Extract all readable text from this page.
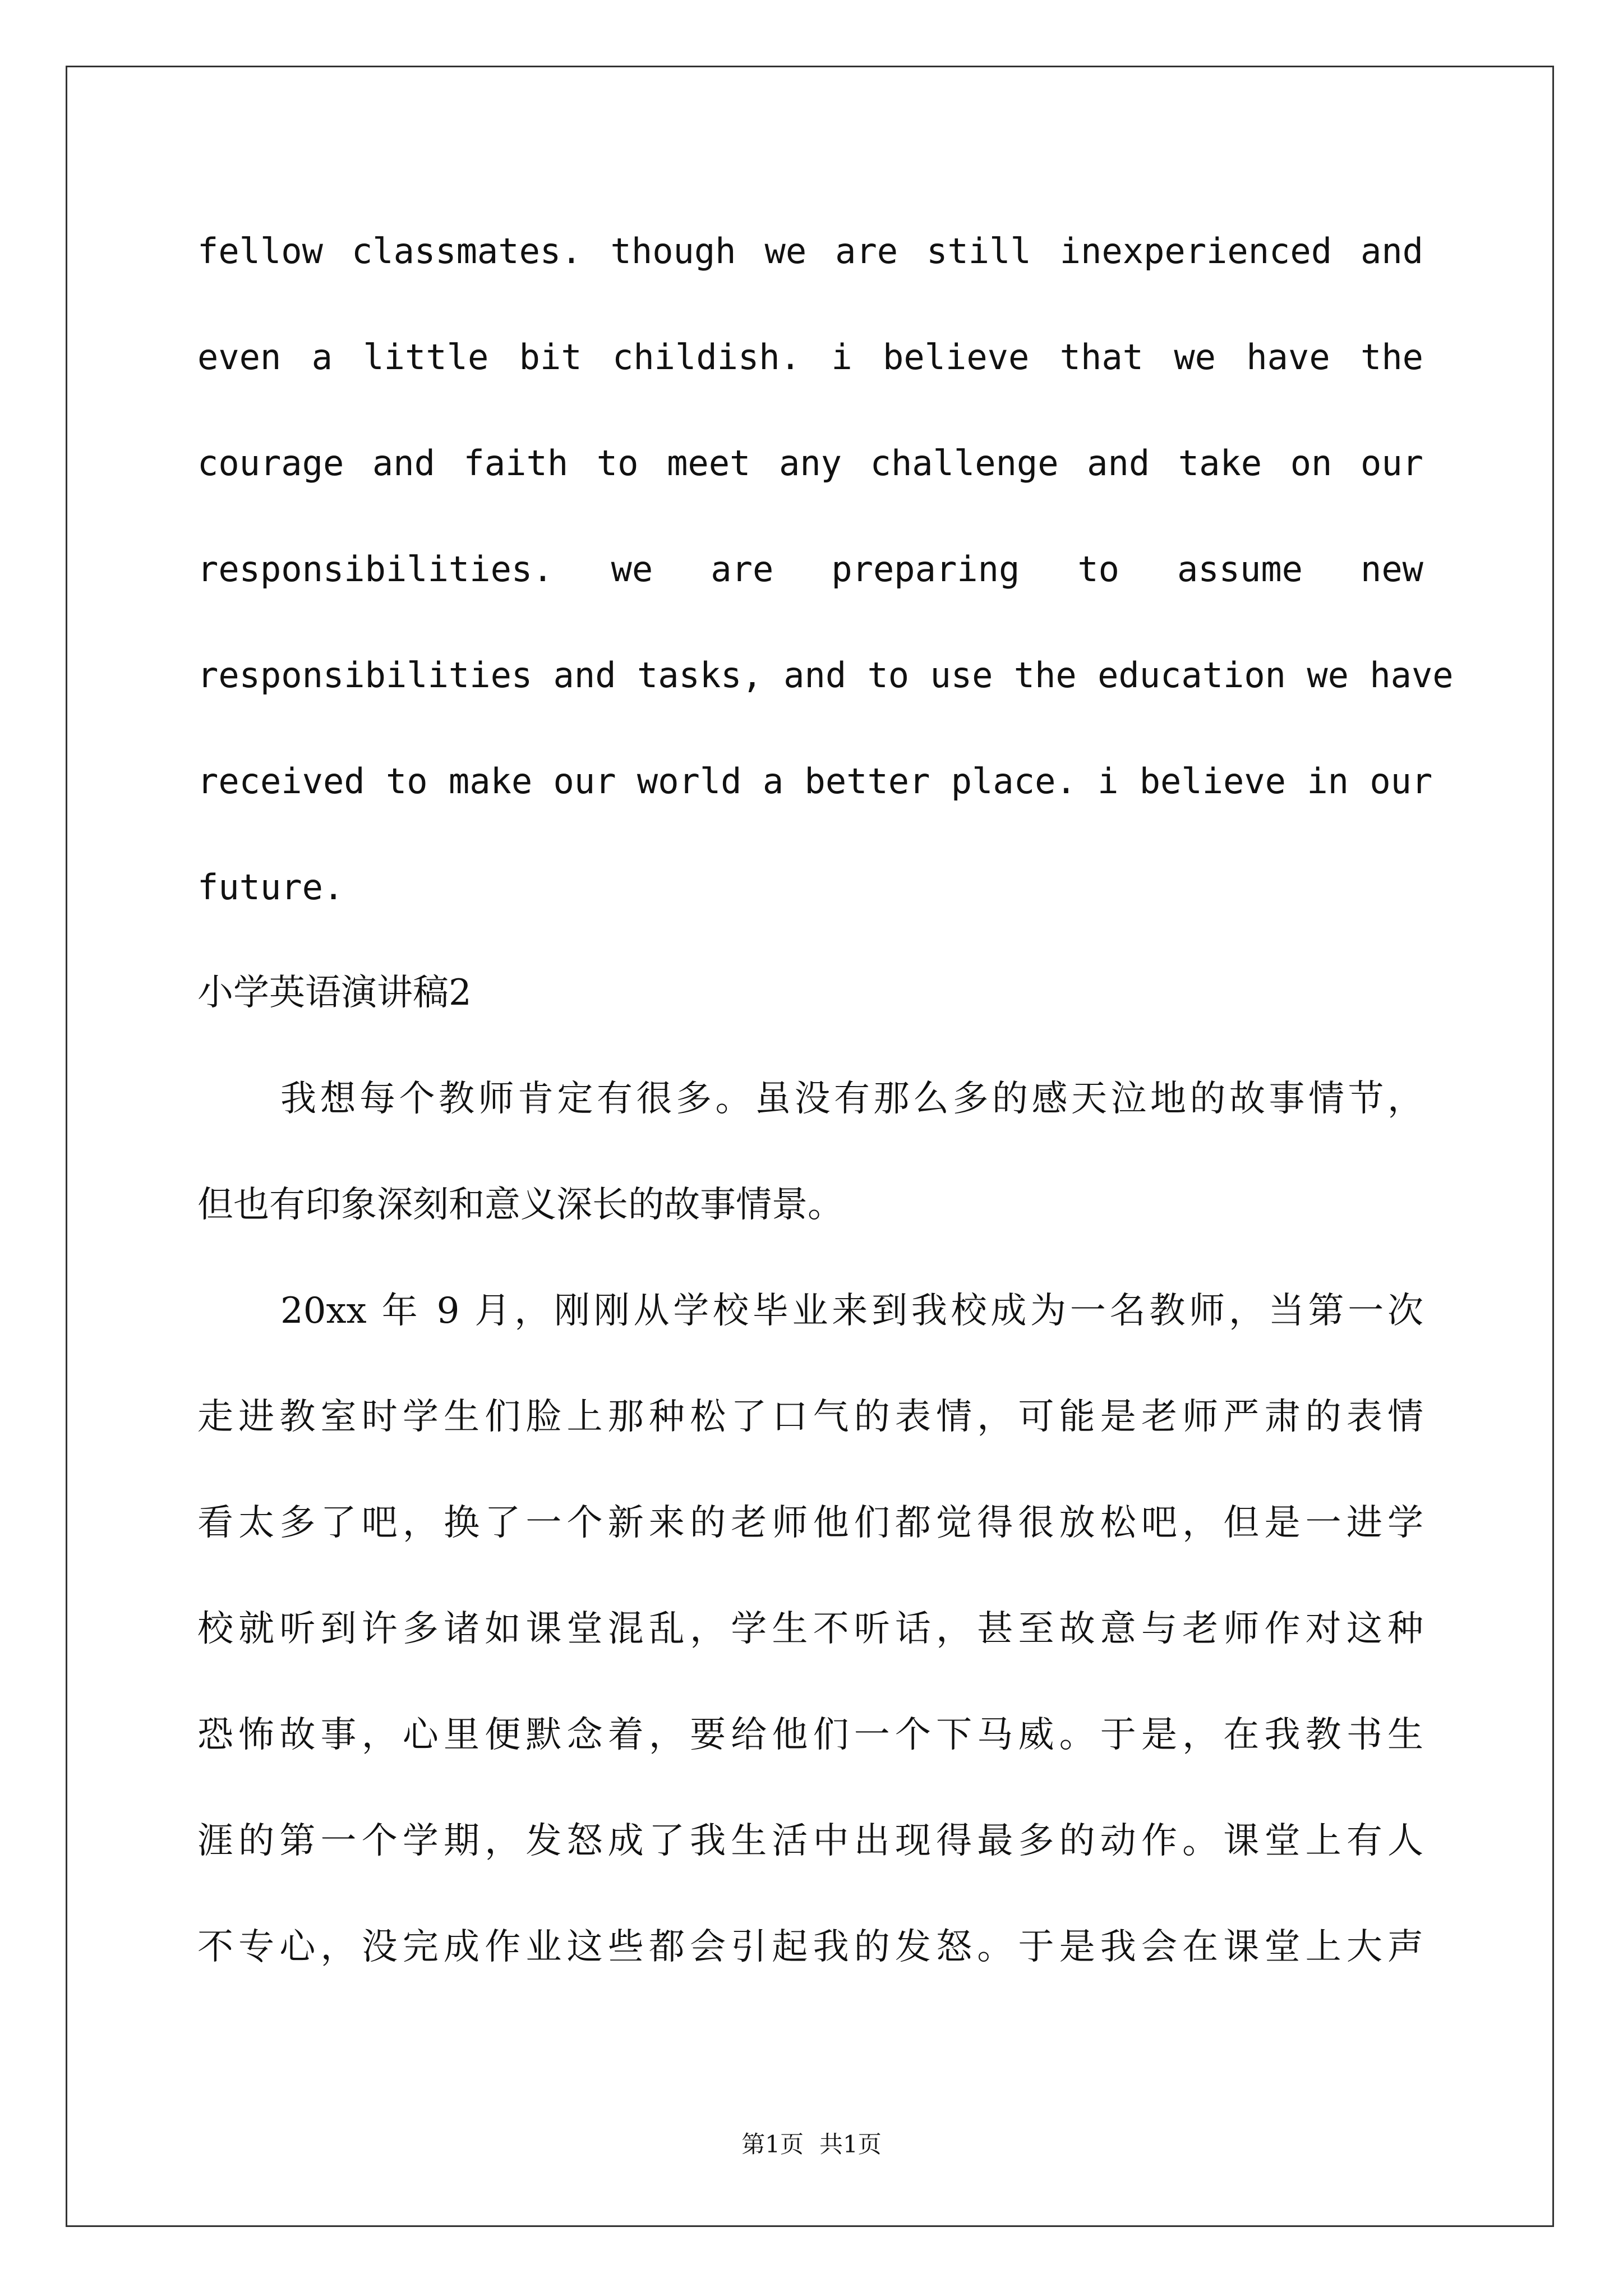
fellow classmates. though we are still inexperienced and
even a little bit childish. i believe that we have the
courage and faith to meet any challenge and take on our
responsibilities. we are preparing to assume new
responsibilities and tasks, and to use the education we have
received to make our world a better place. i believe in our
future.
小学英语演讲稿2
我想每个教师肯定有很多。虽没有那么多的感天泣地的故事情节，
但也有印象深刻和意义深长的故事情景。
20xx 年 9 月，刚刚从学校毕业来到我校成为一名教师，当第一次
走进教室时学生们脸上那种松了口气的表情，可能是老师严肃的表情
看太多了吧，换了一个新来的老师他们都觉得很放松吧，但是一进学
校就听到许多诸如课堂混乱，学生不听话，甚至故意与老师作对这种
恐怖故事，心里便默念着，要给他们一个下马威。于是，在我教书生
涯的第一个学期，发怒成了我生活中出现得最多的动作。课堂上有人
不专心，没完成作业这些都会引起我的发怒。于是我会在课堂上大声
第1页 共1页
